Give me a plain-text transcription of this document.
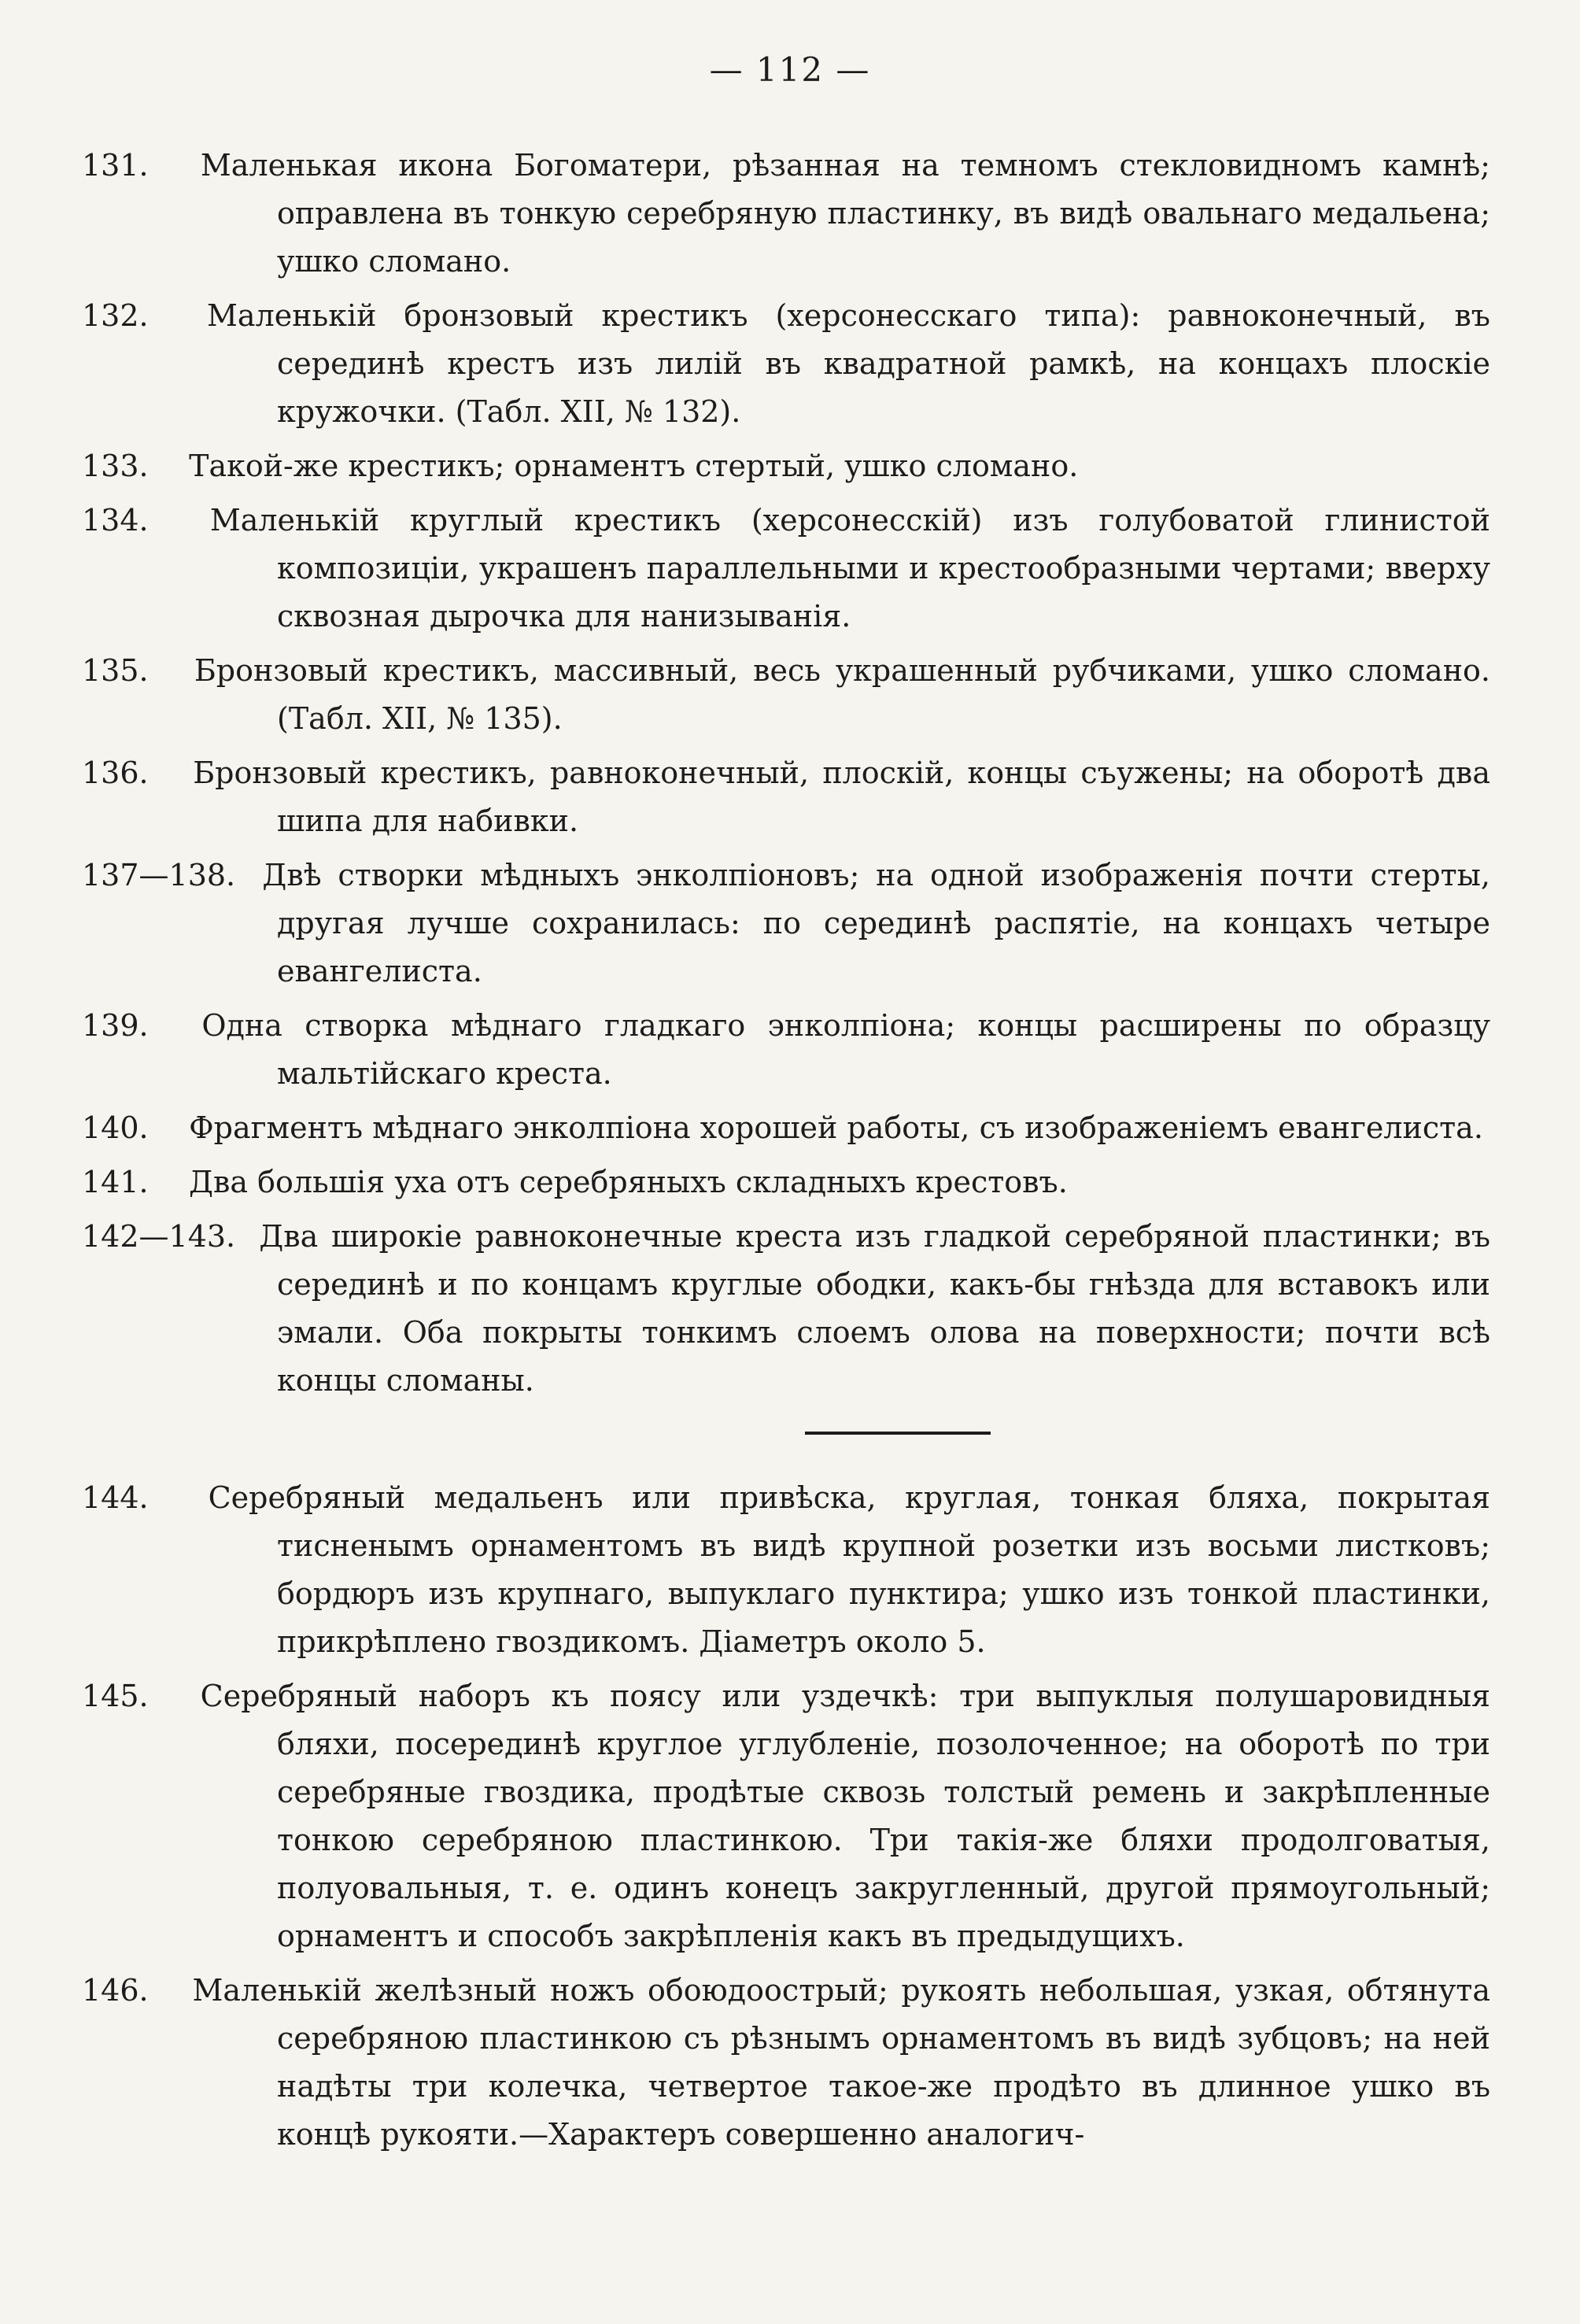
— 112 —

131. Маленькая икона Богоматери, рѣзанная на темномъ стекловидномъ камнѣ; оправлена въ тонкую серебряную пластинку, въ видѣ овальнаго медальена; ушко сломано.

132. Маленькій бронзовый крестикъ (херсонесскаго типа): равноконечный, въ серединѣ крестъ изъ лилій въ квадратной рамкѣ, на концахъ плоскіе кружочки. (Табл. XII, № 132).

133. Такой-же крестикъ; орнаментъ стертый, ушко сломано.

134. Маленькій круглый крестикъ (херсонесскій) изъ голубоватой глинистой композиціи, украшенъ параллельными и крестообразными чертами; вверху сквозная дырочка для нанизыванія.

135. Бронзовый крестикъ, массивный, весь украшенный рубчиками, ушко сломано. (Табл. XII, № 135).

136. Бронзовый крестикъ, равноконечный, плоскій, концы съужены; на оборотѣ два шипа для набивки.

137—138. Двѣ створки мѣдныхъ энколпіоновъ; на одной изображенія почти стерты, другая лучше сохранилась: по серединѣ распятіе, на концахъ четыре евангелиста.

139. Одна створка мѣднаго гладкаго энколпіона; концы расширены по образцу мальтійскаго креста.

140. Фрагментъ мѣднаго энколпіона хорошей работы, съ изображеніемъ евангелиста.

141. Два большія уха отъ серебряныхъ складныхъ крестовъ.

142—143. Два широкіе равноконечные креста изъ гладкой серебряной пластинки; въ серединѣ и по концамъ круглые ободки, какъ-бы гнѣзда для вставокъ или эмали. Оба покрыты тонкимъ слоемъ олова на поверхности; почти всѣ концы сломаны.

144. Серебряный медальенъ или привѣска, круглая, тонкая бляха, покрытая тисненымъ орнаментомъ въ видѣ крупной розетки изъ восьми листковъ; бордюръ изъ крупнаго, выпуклаго пунктира; ушко изъ тонкой пластинки, прикрѣплено гвоздикомъ. Діаметръ около 5.

145. Серебряный наборъ къ поясу или уздечкѣ: три выпуклыя полушаровидныя бляхи, посерединѣ круглое углубленіе, позолоченное; на оборотѣ по три серебряные гвоздика, продѣтые сквозь толстый ремень и закрѣпленные тонкою серебряною пластинкою. Три такія-же бляхи продолговатыя, полуовальныя, т. е. одинъ конецъ закругленный, другой прямоугольный; орнаментъ и способъ закрѣпленія какъ въ предыдущихъ.

146. Маленькій желѣзный ножъ обоюдоострый; рукоять небольшая, узкая, обтянута серебряною пластинкою съ рѣзнымъ орнаментомъ въ видѣ зубцовъ; на ней надѣты три колечка, четвертое такое-же продѣто въ длинное ушко въ концѣ рукояти.—Характеръ совершенно аналогич-
